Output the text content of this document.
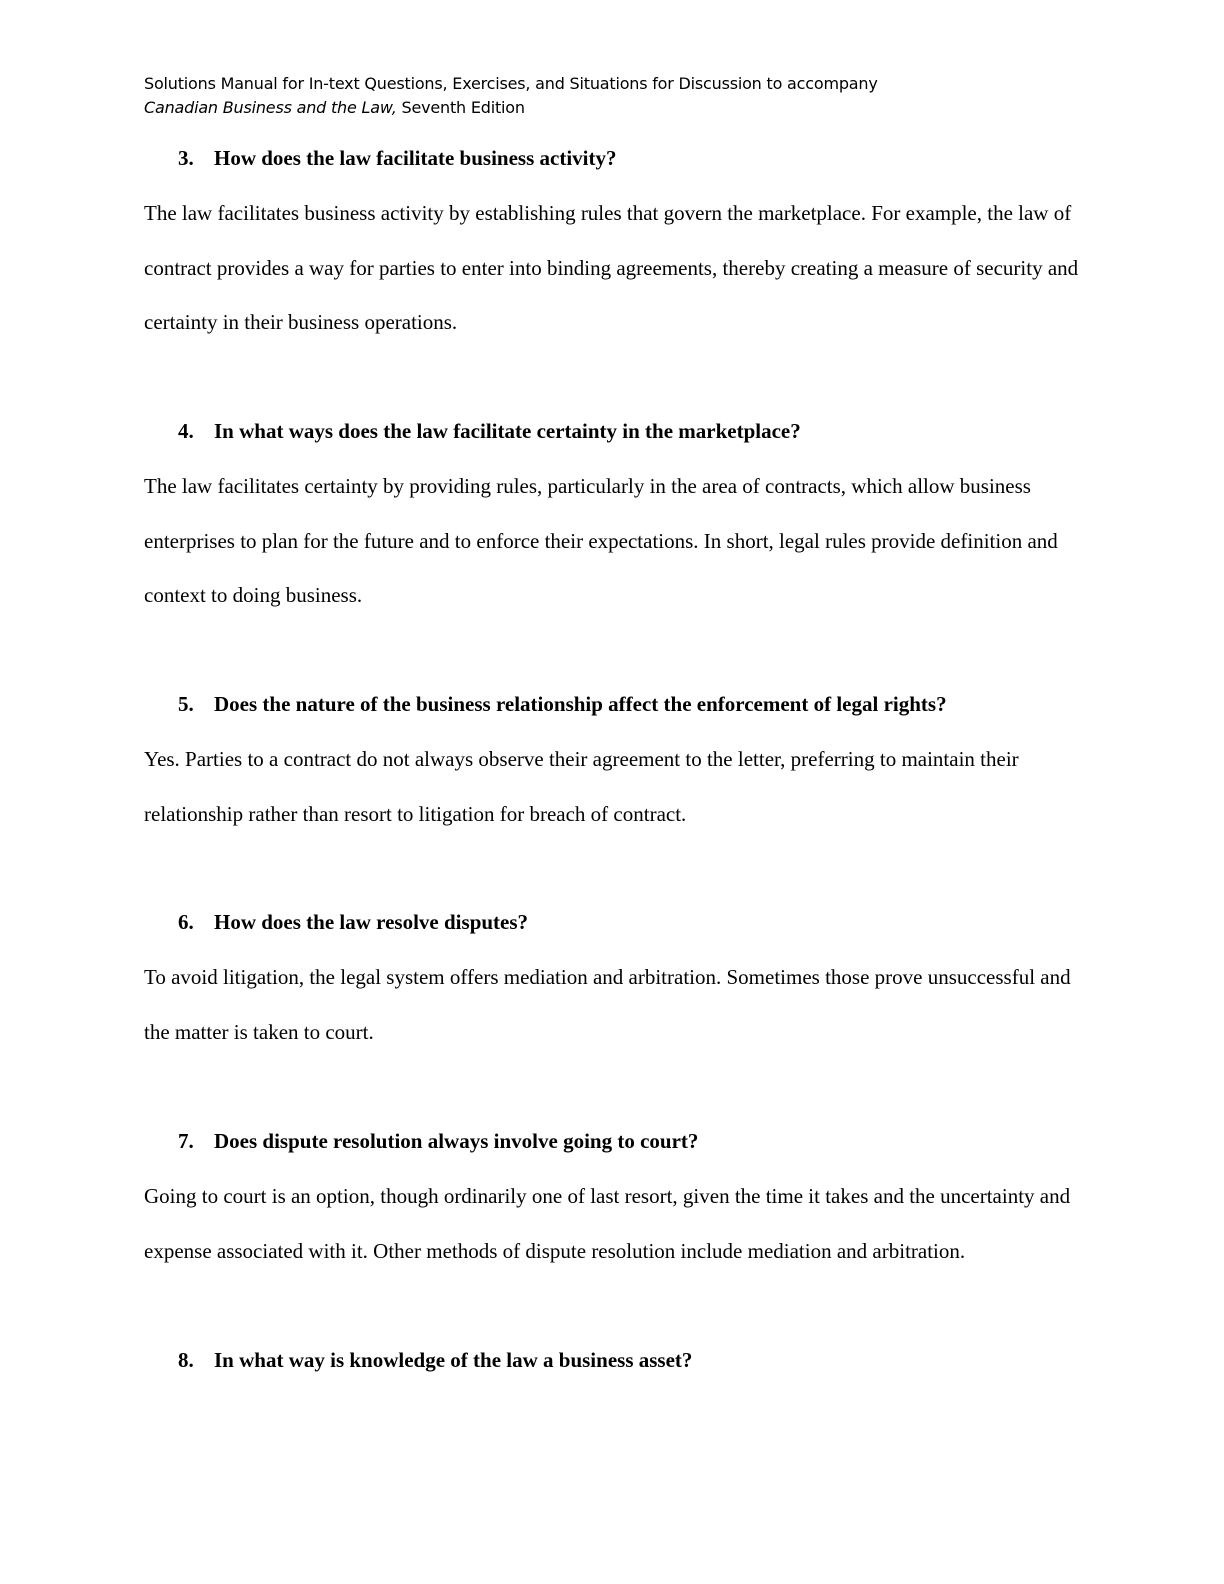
Solutions Manual for In-text Questions, Exercises, and Situations for Discussion to accompany
Canadian Business and the Law, Seventh Edition
3. How does the law facilitate business activity?
The law facilitates business activity by establishing rules that govern the marketplace. For example, the law of contract provides a way for parties to enter into binding agreements, thereby creating a measure of security and certainty in their business operations.
4. In what ways does the law facilitate certainty in the marketplace?
The law facilitates certainty by providing rules, particularly in the area of contracts, which allow business enterprises to plan for the future and to enforce their expectations. In short, legal rules provide definition and context to doing business.
5. Does the nature of the business relationship affect the enforcement of legal rights?
Yes. Parties to a contract do not always observe their agreement to the letter, preferring to maintain their relationship rather than resort to litigation for breach of contract.
6. How does the law resolve disputes?
To avoid litigation, the legal system offers mediation and arbitration. Sometimes those prove unsuccessful and the matter is taken to court.
7. Does dispute resolution always involve going to court?
Going to court is an option, though ordinarily one of last resort, given the time it takes and the uncertainty and expense associated with it. Other methods of dispute resolution include mediation and arbitration.
8. In what way is knowledge of the law a business asset?
